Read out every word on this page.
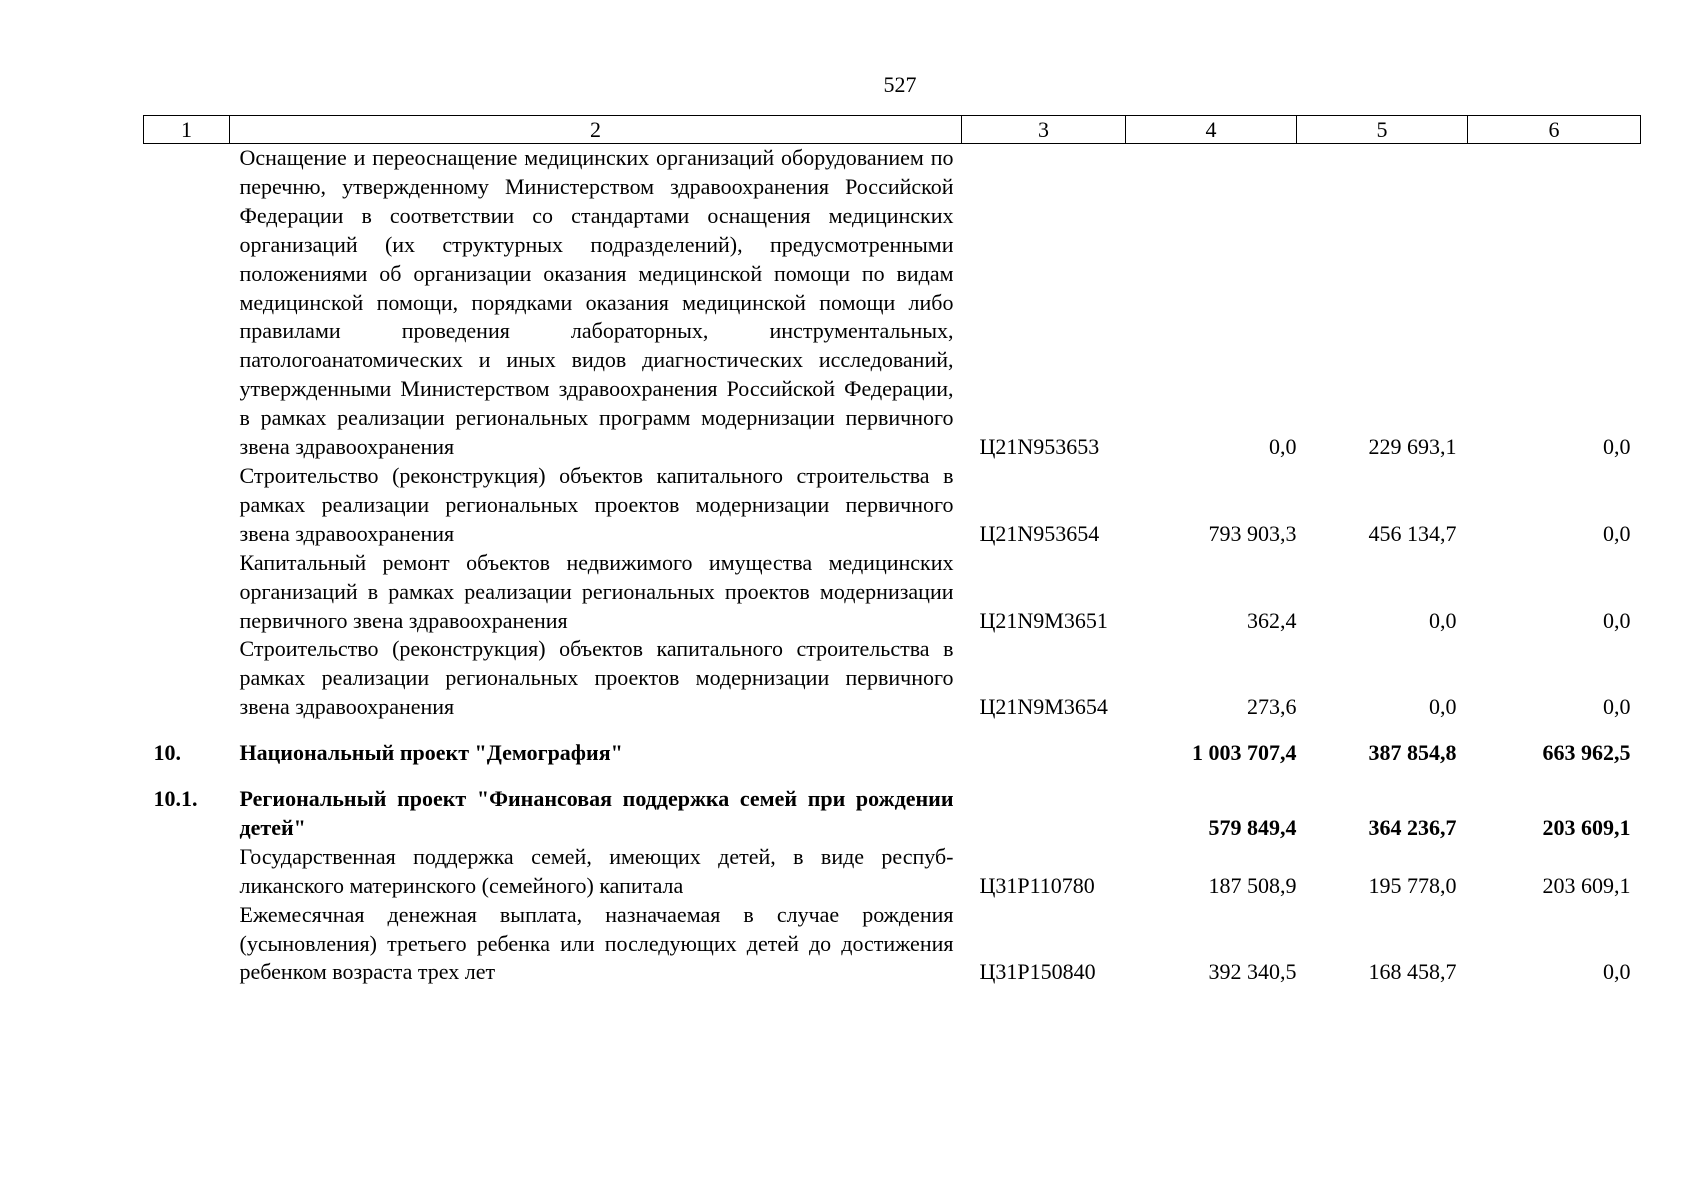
527
1	2	3	4	5	6
	Оснащение и переоснащение медицинских организаций оборудованием по перечню, утвержденному Министерством здравоохранения Российской Федерации в соответствии со стандартами оснащения медицинских организаций (их структурных подразделений), предусмотренными положениями об организации оказания медицинской помощи по видам медицинской помощи, порядками оказания медицинской помощи либо правилами проведения лабораторных, инструментальных, патологоанатомических и иных видов диагностических исследований, утвержденными Министерством здравоохранения Российской Федерации, в рамках реализации региональных программ модернизации первичного звена здравоохранения	Ц21N953653	0,0	229 693,1	0,0
	Строительство (реконструкция) объектов капитального строительства в рамках реализации региональных проектов модернизации первичного звена здравоохранения	Ц21N953654	793 903,3	456 134,7	0,0
	Капитальный ремонт объектов недвижимого имущества медицинских организаций в рамках реализации региональных проектов модернизации первичного звена здравоохранения	Ц21N9M3651	362,4	0,0	0,0
	Строительство (реконструкция) объектов капитального строительства в рамках реализации региональных проектов модернизации первичного звена здравоохранения	Ц21N9M3654	273,6	0,0	0,0
10.	Национальный проект "Демография"		1 003 707,4	387 854,8	663 962,5
10.1.	Региональный проект "Финансовая поддержка семей при рождении детей"		579 849,4	364 236,7	203 609,1
	Государственная поддержка семей, имеющих детей, в виде республиканского материнского (семейного) капитала	Ц31P110780	187 508,9	195 778,0	203 609,1
	Ежемесячная денежная выплата, назначаемая в случае рождения (усыновления) третьего ребенка или последующих детей до достижения ребенком возраста трех лет	Ц31P150840	392 340,5	168 458,7	0,0
